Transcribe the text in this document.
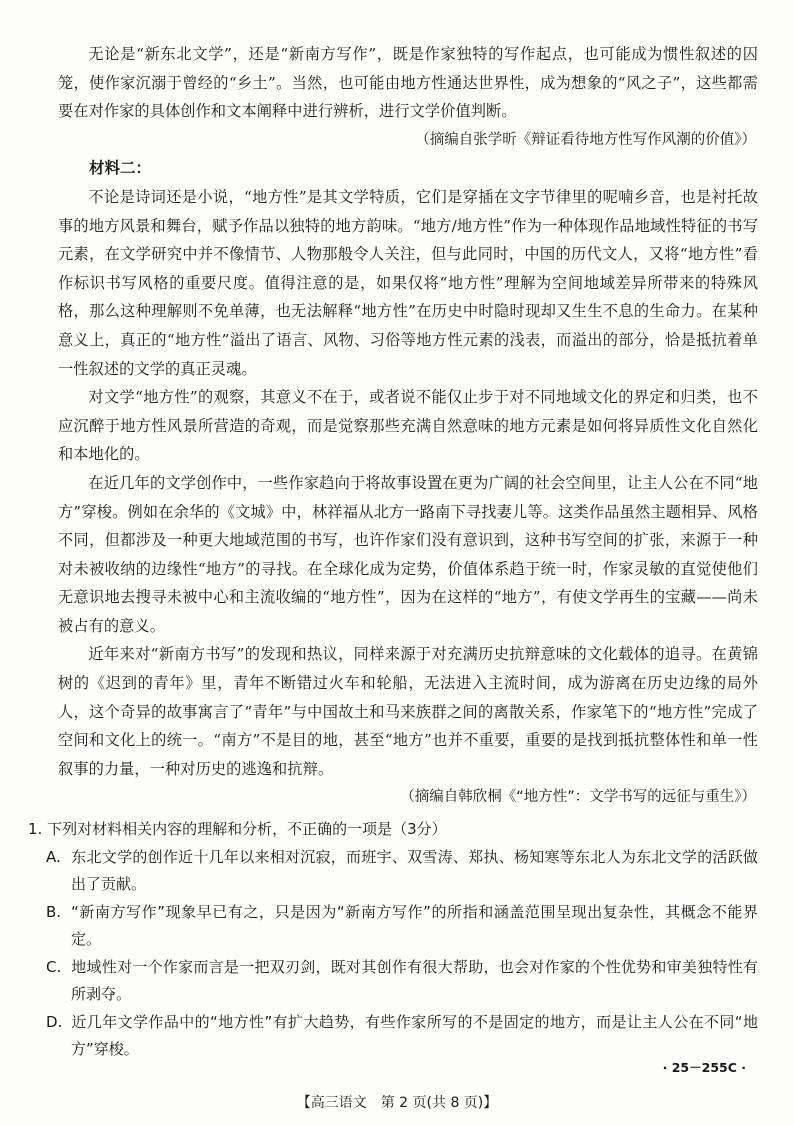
无论是“新东北文学”，还是“新南方写作”，既是作家独特的写作起点，也可能成为惯性叙述的囚笼，使作家沉溺于曾经的“乡土”。当然，也可能由地方性通达世界性，成为想象的“风之子”，这些都需要在对作家的具体创作和文本阐释中进行辨析，进行文学价值判断。

（摘编自张学昕《辩证看待地方性写作风潮的价值》）

材料二：

不论是诗词还是小说，“地方性”是其文学特质，它们是穿插在文字节律里的呢喃乡音，也是衬托故事的地方风景和舞台，赋予作品以独特的地方韵味。“地方/地方性”作为一种体现作品地域性特征的书写元素，在文学研究中并不像情节、人物那般令人关注，但与此同时，中国的历代文人，又将“地方性”看作标识书写风格的重要尺度。值得注意的是，如果仅将“地方性”理解为空间地域差异所带来的特殊风格，那么这种理解则不免单薄，也无法解释“地方性”在历史中时隐时现却又生生不息的生命力。在某种意义上，真正的“地方性”溢出了语言、风物、习俗等地方性元素的浅表，而溢出的部分，恰是抵抗着单一性叙述的文学的真正灵魂。

对文学“地方性”的观察，其意义不在于，或者说不能仅止步于对不同地域文化的界定和归类，也不应沉醉于地方性风景所营造的奇观，而是觉察那些充满自然意味的地方元素是如何将异质性文化自然化和本地化的。

在近几年的文学创作中，一些作家趋向于将故事设置在更为广阔的社会空间里，让主人公在不同“地方”穿梭。例如在余华的《文城》中，林祥福从北方一路南下寻找妻儿等。这类作品虽然主题相异、风格不同，但都涉及一种更大地域范围的书写，也许作家们没有意识到，这种书写空间的扩张，来源于一种对未被收纳的边缘性“地方”的寻找。在全球化成为定势，价值体系趋于统一时，作家灵敏的直觉使他们无意识地去搜寻未被中心和主流收编的“地方性”，因为在这样的“地方”，有使文学再生的宝藏——尚未被占有的意义。

近年来对“新南方书写”的发现和热议，同样来源于对充满历史抗辩意味的文化载体的追寻。在黄锦树的《迟到的青年》里，青年不断错过火车和轮船，无法进入主流时间，成为游离在历史边缘的局外人，这个奇异的故事寓言了“青年”与中国故土和马来族群之间的离散关系，作家笔下的“地方性”完成了空间和文化上的统一。“南方”不是目的地，甚至“地方”也并不重要，重要的是找到抵抗整体性和单一性叙事的力量，一种对历史的逃逸和抗辩。

（摘编自韩欣桐《“地方性”：文学书写的远征与重生》）

1. 下列对材料相关内容的理解和分析，不正确的一项是（3分）

A. 东北文学的创作近十几年以来相对沉寂，而班宇、双雪涛、郑执、杨知寒等东北人为东北文学的活跃做出了贡献。

B. “新南方写作”现象早已有之，只是因为“新南方写作”的所指和涵盖范围呈现出复杂性，其概念不能界定。

C. 地域性对一个作家而言是一把双刃剑，既对其创作有很大帮助，也会对作家的个性优势和审美独特性有所剥夺。

D. 近几年文学作品中的“地方性”有扩大趋势，有些作家所写的不是固定的地方，而是让主人公在不同“地方”穿梭。

· 25－255C ·
【高三语文　第 2 页(共 8 页)】
